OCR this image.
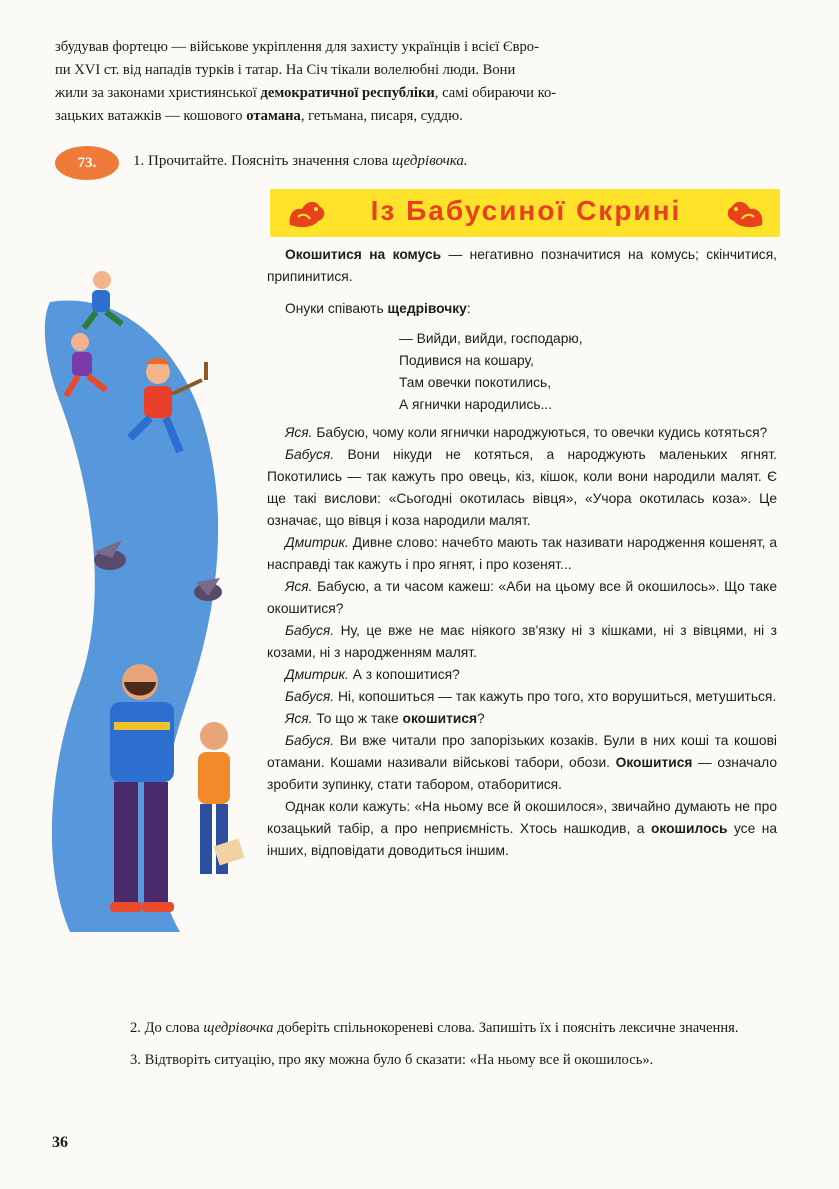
збудував фортецю — військове укріплення для захисту українців і всієї Євро-

пи XVI ст. від нападів турків і татар. На Січ тікали волелюбні люди. Вони

жили за законами християнської демократичної республіки, самі обираючи ко-

зацьких ватажків — кошового отамана, гетьмана, писаря, суддю.

73.	1. Прочитайте. Поясніть значення слова щедрівочка.
Із Бабусиної Скрині

Окошитися на комусь — негативно позначитися на комусь; скінчитися, припинитися.

Онуки співають щедрівочку:

— Вийди, вийди, господарю,

Подивися на кошару,

Там овечки покотились,

А ягнички народились...

Яся. Бабусю, чому коли ягнички народжуються, то овечки кудись котяться?

Бабуся. Вони нікуди не котяться, а народжують маленьких ягнят. Покотились — так кажуть про овець, кіз, кішок, коли вони народили малят. Є ще такі вислови: «Сьогодні окотилась вівця», «Учора окотилась коза». Це означає, що вівця і коза народили малят.

Дмитрик. Дивне слово: начебто мають так називати народження кошенят, а насправді так кажуть і про ягнят, і про козенят...

Яся. Бабусю, а ти часом кажеш: «Аби на цьому все й окошилось». Що таке окошитися?

Бабуся. Ну, це вже не має ніякого зв'язку ні з кішками, ні з вівцями, ні з козами, ні з народженням малят.

Дмитрик. А з копошитися?

Бабуся. Ні, копошиться — так кажуть про того, хто ворушиться, метушиться.

Яся. То що ж таке окошитися?

Бабуся. Ви вже читали про запорізьких козаків. Були в них коші та кошові отамани. Кошами називали військові табори, обози. Окошитися — означало зробити зупинку, стати табором, отаборитися.

Однак коли кажуть: «На ньому все й окошилося», звичайно думають не про козацький табір, а про неприємність. Хтось нашкодив, а окошилось усе на інших, відповідати доводиться іншим.

2. До слова щедрівочка доберіть спільнокореневі слова. Запишіть їх і поясніть лексичне значення.

3. Відтворіть ситуацію, про яку можна було б сказати: «На ньому все й окошилось».

36
